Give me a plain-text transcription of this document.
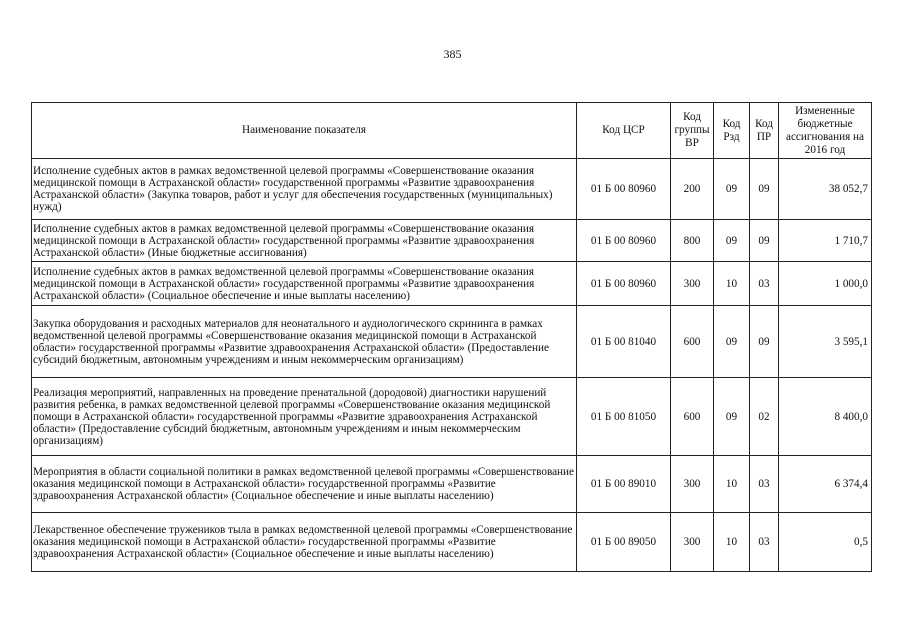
385
Наименование показателя	Код ЦСР	Код группы ВР	Код Рзд	Код ПР	Измененные бюджетные ассигнования на 2016 год
Исполнение судебных актов в рамках ведомственной целевой программы «Совершенствование оказания медицинской помощи в Астраханской области» государственной программы «Развитие здравоохранения Астраханской области» (Закупка товаров, работ и услуг для обеспечения государственных (муниципальных) нужд)	01 Б 00 80960	200	09	09	38 052,7
Исполнение судебных актов в рамках ведомственной целевой программы «Совершенствование оказания медицинской помощи в Астраханской области» государственной программы «Развитие здравоохранения Астраханской области» (Иные бюджетные ассигнования)	01 Б 00 80960	800	09	09	1 710,7
Исполнение судебных актов в рамках ведомственной целевой программы «Совершенствование оказания медицинской помощи в Астраханской области» государственной программы «Развитие здравоохранения Астраханской области» (Социальное обеспечение и иные выплаты населению)	01 Б 00 80960	300	10	03	1 000,0
Закупка оборудования и расходных материалов для неонатального и аудиологического скрининга в рамках ведомственной целевой программы «Совершенствование оказания медицинской помощи в Астраханской области» государственной программы «Развитие здравоохранения Астраханской области» (Предоставление субсидий бюджетным, автономным учреждениям и иным некоммерческим организациям)	01 Б 00 81040	600	09	09	3 595,1
Реализация мероприятий, направленных на проведение пренатальной (дородовой) диагностики нарушений развития ребенка, в рамках ведомственной целевой программы «Совершенствование оказания медицинской помощи в Астраханской области» государственной программы «Развитие здравоохранения Астраханской области» (Предоставление субсидий бюджетным, автономным учреждениям и иным некоммерческим организациям)	01 Б 00 81050	600	09	02	8 400,0
Мероприятия в области социальной политики в рамках ведомственной целевой программы «Совершенствование оказания медицинской помощи в Астраханской области» государственной программы «Развитие здравоохранения Астраханской области» (Социальное обеспечение и иные выплаты населению)	01 Б 00 89010	300	10	03	6 374,4
Лекарственное обеспечение тружеников тыла в рамках ведомственной целевой программы «Совершенствование оказания медицинской помощи в Астраханской области» государственной программы «Развитие здравоохранения Астраханской области» (Социальное обеспечение и иные выплаты населению)	01 Б 00 89050	300	10	03	0,5
